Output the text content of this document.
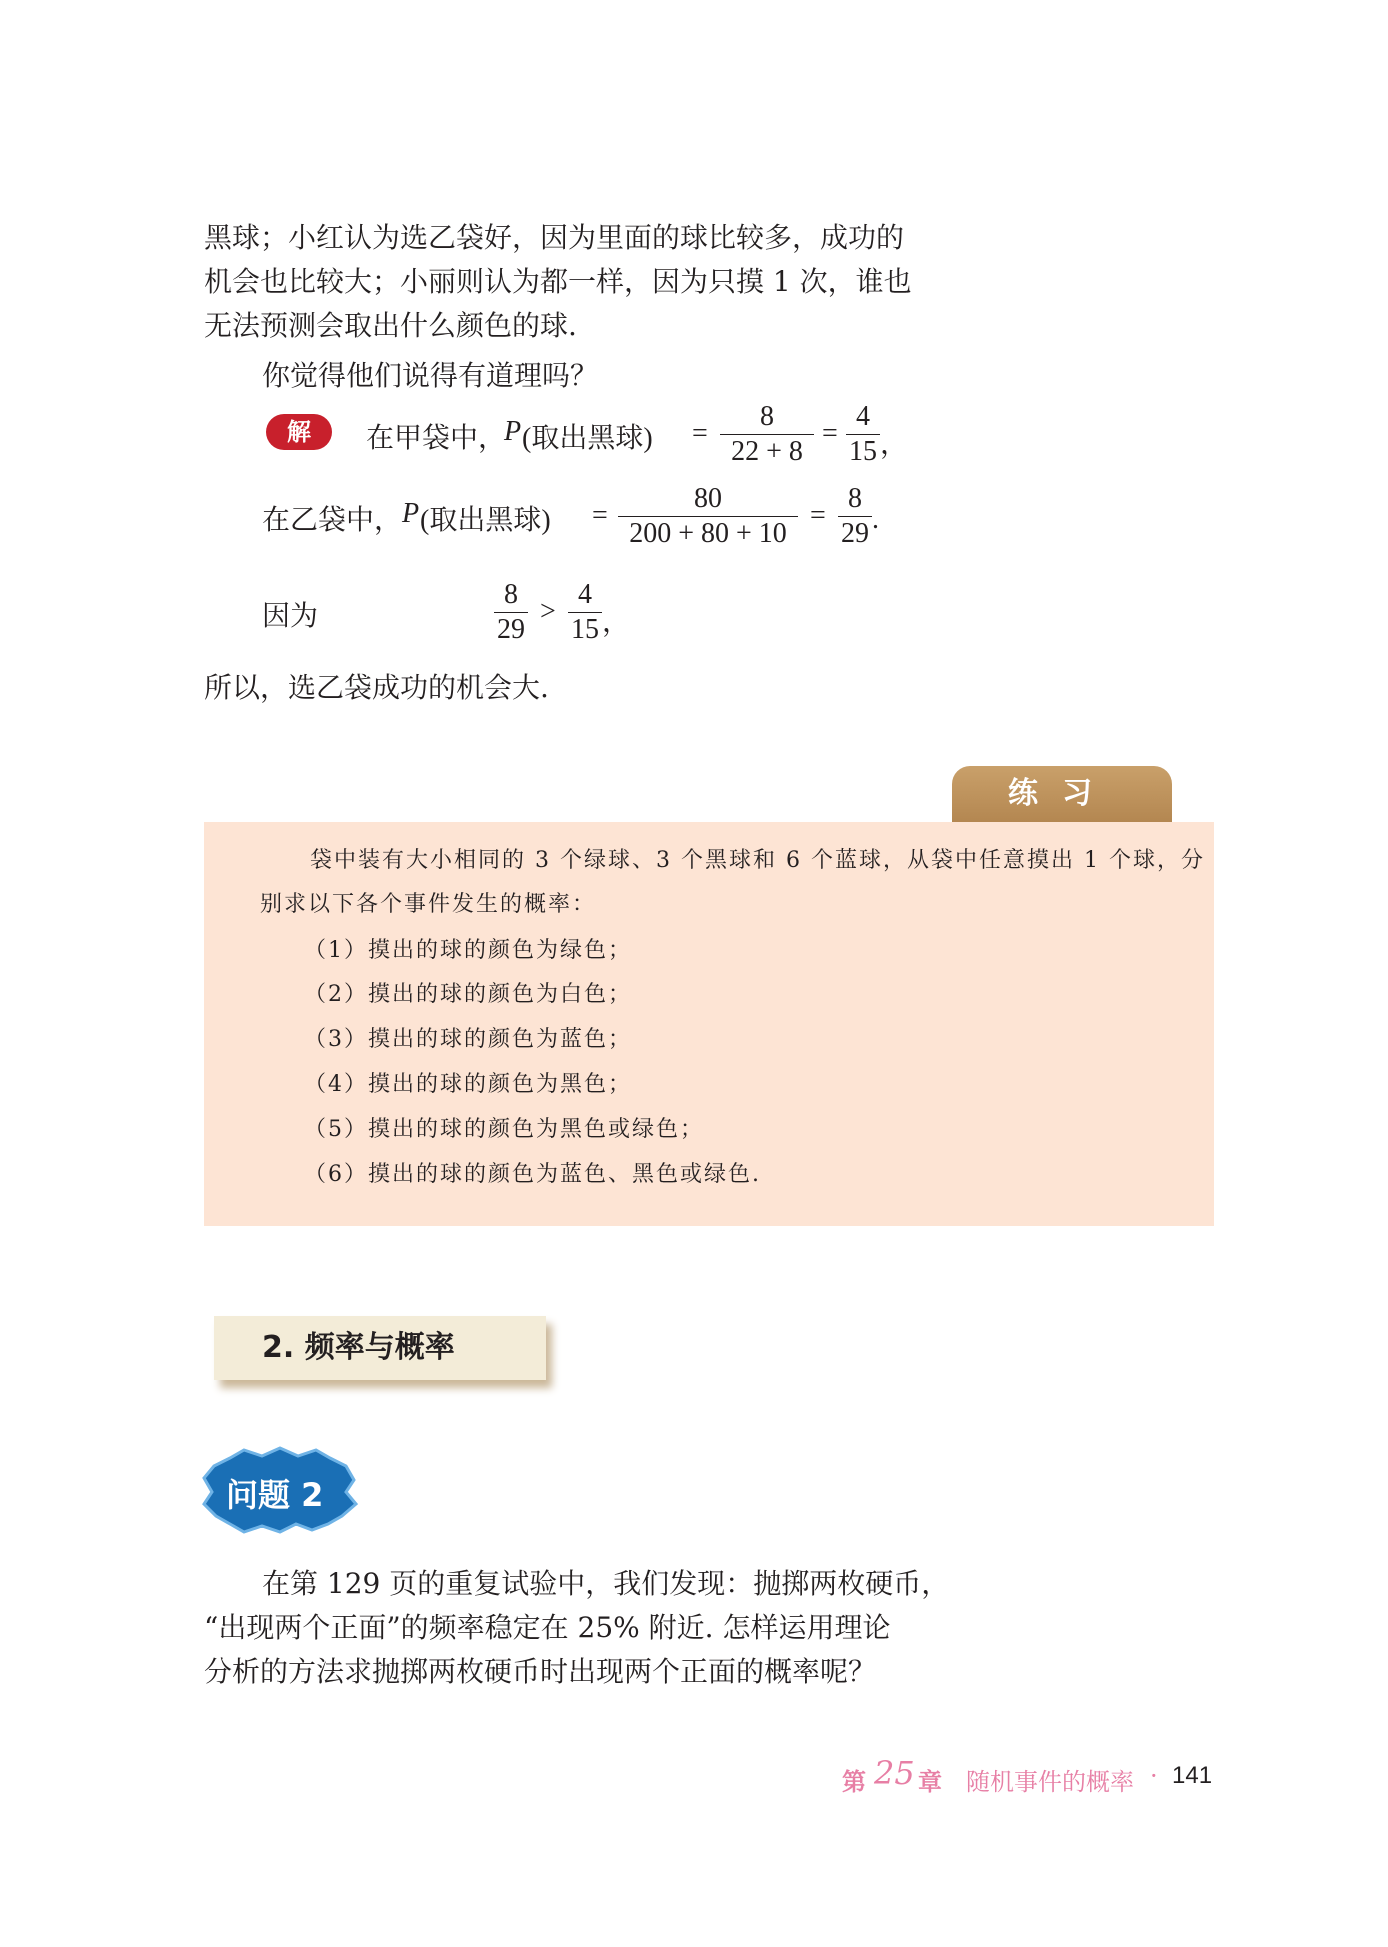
黑球；小红认为选乙袋好，因为里面的球比较多，成功的
机会也比较大；小丽则认为都一样，因为只摸 1 次，谁也
无法预测会取出什么颜色的球.
你觉得他们说得有道理吗？
解	在甲袋中，
P (取出黑球) =
8
22 + 8
=
4
15 ，
在乙袋中， P (取出黑球) =
80
200 + 80 + 10
=
8
29 .
因为
8
29
>
4
15 ，
所以，选乙袋成功的机会大.
练习
袋中装有大小相同的 3 个绿球、3 个黑球和 6 个蓝球，从袋中任意摸出 1 个球，分
别求以下各个事件发生的概率：
（1）摸出的球的颜色为绿色；
（2）摸出的球的颜色为白色；
（3）摸出的球的颜色为蓝色；
（4）摸出的球的颜色为黑色；
（5）摸出的球的颜色为黑色或绿色；
（6）摸出的球的颜色为蓝色、黑色或绿色.
2. 频率与概率
问题 2
在第 129 页的重复试验中，我们发现：抛掷两枚硬币，
“出现两个正面”的频率稳定在 25% 附近. 怎样运用理论
分析的方法求抛掷两枚硬币时出现两个正面的概率呢？
第 25 章 随机事件的概率 · 141
